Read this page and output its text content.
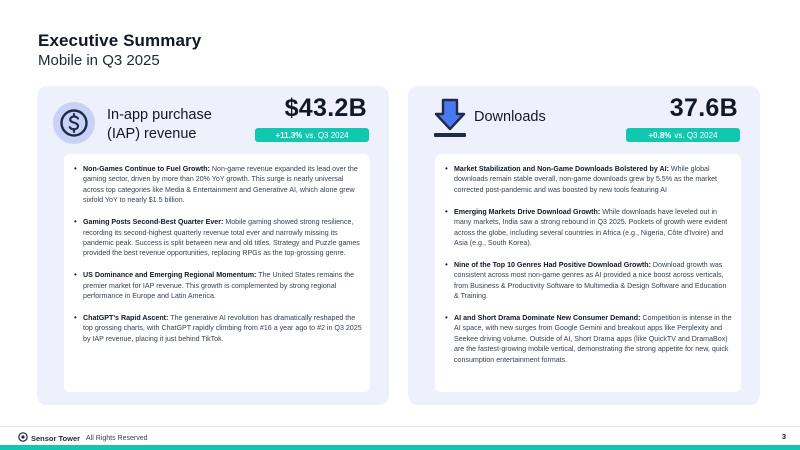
Executive Summary
Mobile in Q3 2025
In-app purchase (IAP) revenue
$43.2B
+11.3% vs. Q3 2024
• Non-Games Continue to Fuel Growth: Non-game revenue expanded its lead over the gaming sector, driven by more than 20% YoY growth. This surge is nearly universal across top categories like Media & Entertainment and Generative AI, which alone grew sixfold YoY to nearly $1.5 billion.
• Gaming Posts Second-Best Quarter Ever: Mobile gaming showed strong resilience, recording its second-highest quarterly revenue total ever and narrowly missing its pandemic peak. Success is split between new and old titles. Strategy and Puzzle games provided the best revenue opportunities, replacing RPGs as the top-grossing genre.
• US Dominance and Emerging Regional Momentum: The United States remains the premier market for IAP revenue. This growth is complemented by strong regional performance in Europe and Latin America.
• ChatGPT's Rapid Ascent: The generative AI revolution has dramatically reshaped the top grossing charts, with ChatGPT rapidly climbing from #16 a year ago to #2 in Q3 2025 by IAP revenue, placing it just behind TikTok.
Downloads	37.6B
+0.8% vs. Q3 2024
• Market Stabilization and Non-Game Downloads Bolstered by AI: While global downloads remain stable overall, non-game downloads grew by 5.5% as the market corrected post-pandemic and was boosted by new tools featuring AI
• Emerging Markets Drive Download Growth: While downloads have leveled out in many markets, India saw a strong rebound in Q3 2025. Pockets of growth were evident across the globe, including several countries in Africa (e.g., Nigeria, Côte d'Ivoire) and Asia (e.g., South Korea).
• Nine of the Top 10 Genres Had Positive Download Growth: Download growth was consistent across most non-game genres as AI provided a nice boost across verticals, from Business & Productivity Software to Multimedia & Design Software and Education & Training.
• AI and Short Drama Dominate New Consumer Demand: Competition is intense in the AI space, with new surges from Google Gemini and breakout apps like Perplexity and Seekee driving volume. Outside of AI, Short Drama apps (like QuickTV and DramaBox) are the fastest-growing mobile vertical, demonstrating the strong appetite for new, quick consumption entertainment formats.
Sensor Tower All Rights Reserved	3
